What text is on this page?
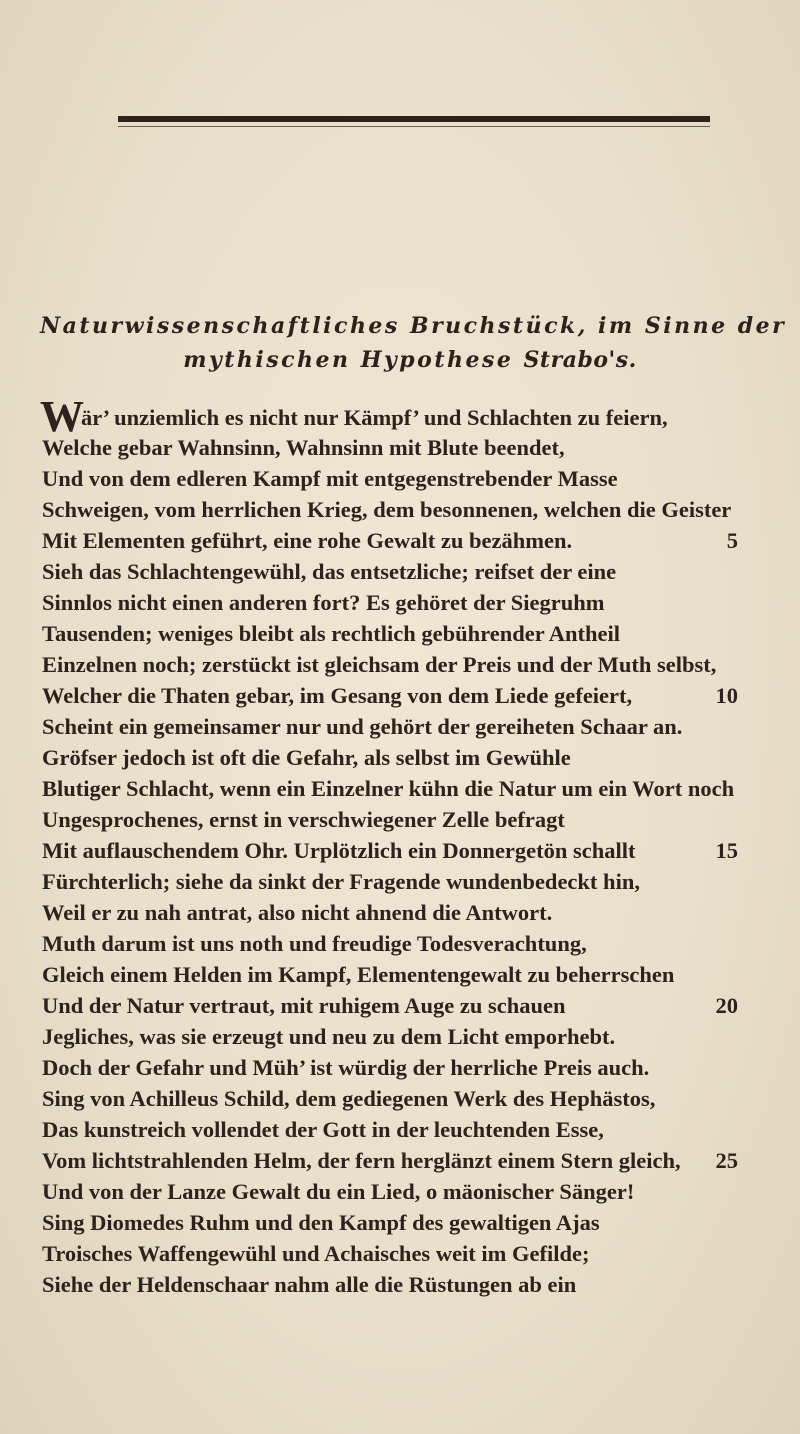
Naturwissenschaftliches Bruchstück, im Sinne der
mythischen Hypothese Strabo's.
Wär’ unziemlich es nicht nur Kämpf’ und Schlachten zu feiern,
Welche gebar Wahnsinn, Wahnsinn mit Blute beendet,
Und von dem edleren Kampf mit entgegenstrebender Masse
Schweigen, vom herrlichen Krieg, dem besonnenen, welchen die Geister
Mit Elementen geführt, eine rohe Gewalt zu bezähmen.
Sieh das Schlachtengewühl, das entsetzliche; reifset der eine
Sinnlos nicht einen anderen fort? Es gehöret der Siegruhm
Tausenden; weniges bleibt als rechtlich gebührender Antheil
Einzelnen noch; zerstückt ist gleichsam der Preis und der Muth selbst,
Welcher die Thaten gebar, im Gesang von dem Liede gefeiert,
Scheint ein gemeinsamer nur und gehört der gereiheten Schaar an.
Gröfser jedoch ist oft die Gefahr, als selbst im Gewühle
Blutiger Schlacht, wenn ein Einzelner kühn die Natur um ein Wort noch
Ungesprochenes, ernst in verschwiegener Zelle befragt
Mit auflauschendem Ohr. Urplötzlich ein Donnergetön schallt
Fürchterlich; siehe da sinkt der Fragende wundenbedeckt hin,
Weil er zu nah antrat, also nicht ahnend die Antwort.
Muth darum ist uns noth und freudige Todesverachtung,
Gleich einem Helden im Kampf, Elementengewalt zu beherrschen
Und der Natur vertraut, mit ruhigem Auge zu schauen
Jegliches, was sie erzeugt und neu zu dem Licht emporhebt.
Doch der Gefahr und Müh’ ist würdig der herrliche Preis auch.
Sing von Achilleus Schild, dem gediegenen Werk des Hephästos,
Das kunstreich vollendet der Gott in der leuchtenden Esse,
Vom lichtstrahlenden Helm, der fern herglänzt einem Stern gleich,
Und von der Lanze Gewalt du ein Lied, o mäonischer Sänger!
Sing Diomedes Ruhm und den Kampf des gewaltigen Ajas
Troisches Waffengewühl und Achaisches weit im Gefilde;
Siehe der Heldenschaar nahm alle die Rüstungen ab ein
5
10
15
20
25
